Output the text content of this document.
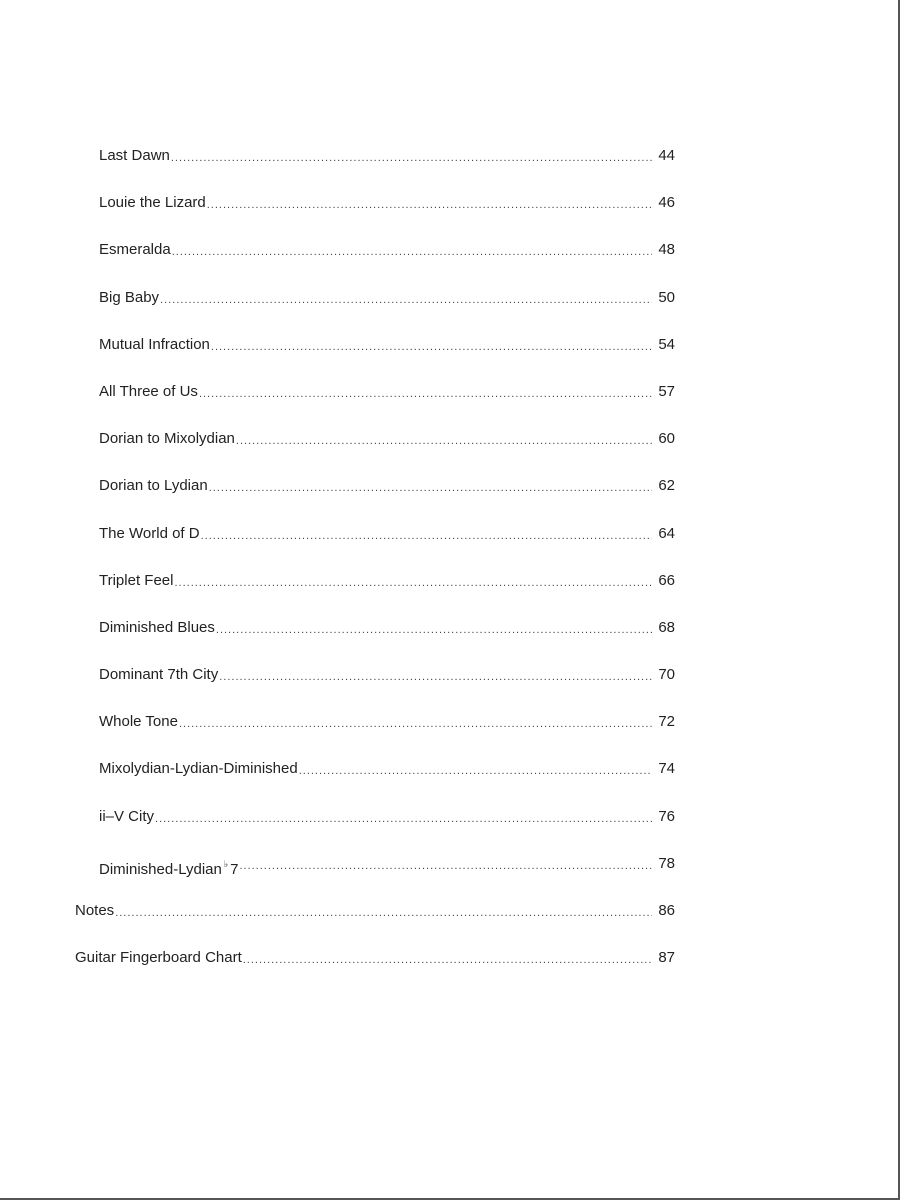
Last Dawn .....	44
Louie the Lizard .....	46
Esmeralda .....	48
Big Baby .....	50
Mutual Infraction .....	54
All Three of Us .....	57
Dorian to Mixolydian .....	60
Dorian to Lydian .....	62
The World of D .....	64
Triplet Feel .....	66
Diminished Blues .....	68
Dominant 7th City .....	70
Whole Tone .....	72
Mixolydian-Lydian-Diminished .....	74
ii–V City .....	76
Diminished-Lydian ♭ 7 .....	78
Notes .....	86
Guitar Fingerboard Chart .....	87
